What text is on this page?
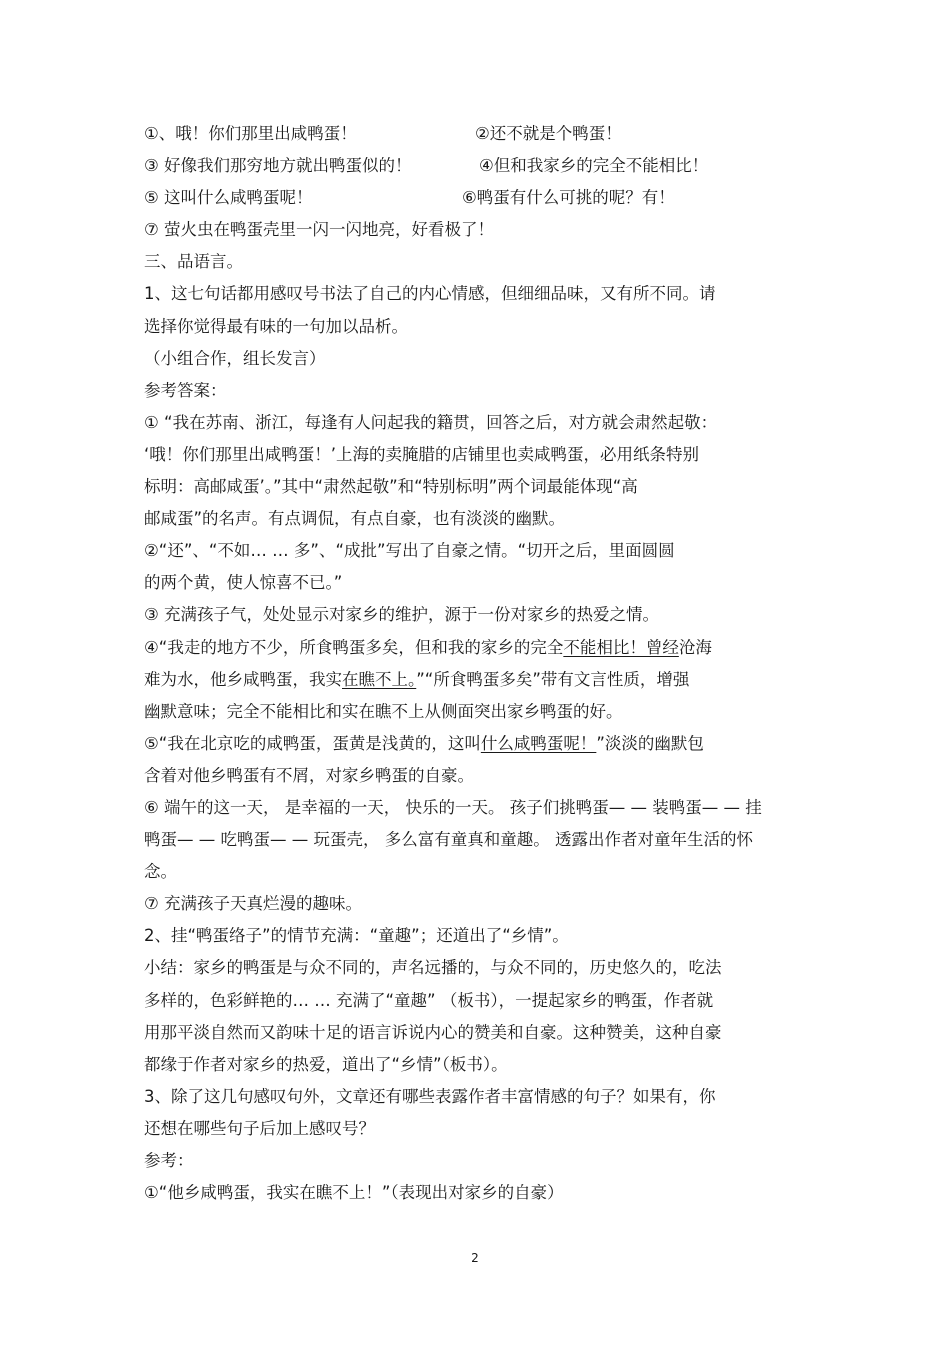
①、哦！你们那里出咸鸭蛋！	②还不就是个鸭蛋！
③ 好像我们那穷地方就出鸭蛋似的！	④但和我家乡的完全不能相比！
⑤ 这叫什么咸鸭蛋呢！	⑥鸭蛋有什么可挑的呢？有！
⑦ 萤火虫在鸭蛋壳里一闪一闪地亮，好看极了！
三、品语言。
1、这七句话都用感叹号书法了自己的内心情感，但细细品味，又有所不同。请
选择你觉得最有味的一句加以品析。
（小组合作，组长发言）
参考答案：
① “我在苏南、浙江，每逢有人问起我的籍贯，回答之后，对方就会肃然起敬：
‘哦！你们那里出咸鸭蛋！’上海的卖腌腊的店铺里也卖咸鸭蛋，必用纸条特别
标明：高邮咸蛋’。”其中“肃然起敬”和“特别标明”两个词最能体现“高
邮咸蛋”的名声。有点调侃，有点自豪，也有淡淡的幽默。
②“还”、“不如… … 多”、“成批”写出了自豪之情。“切开之后，里面圆圆
的两个黄，使人惊喜不已。”
③ 充满孩子气，处处显示对家乡的维护，源于一份对家乡的热爱之情。
④“我走的地方不少，所食鸭蛋多矣，但和我的家乡的完全不能相比！曾经沧海
难为水，他乡咸鸭蛋，我实在瞧不上。”“所食鸭蛋多矣”带有文言性质，增强
幽默意味；完全不能相比和实在瞧不上从侧面突出家乡鸭蛋的好。
⑤“我在北京吃的咸鸭蛋，蛋黄是浅黄的，这叫什么咸鸭蛋呢！”淡淡的幽默包
含着对他乡鸭蛋有不屑，对家乡鸭蛋的自豪。
⑥ 端午的这一天， 是幸福的一天， 快乐的一天。 孩子们挑鸭蛋— — 装鸭蛋— — 挂
鸭蛋— — 吃鸭蛋— — 玩蛋壳， 多么富有童真和童趣。 透露出作者对童年生活的怀
念。
⑦ 充满孩子天真烂漫的趣味。
2、挂“鸭蛋络子”的情节充满：“童趣”；还道出了“乡情”。
小结：家乡的鸭蛋是与众不同的，声名远播的，与众不同的，历史悠久的，吃法
多样的，色彩鲜艳的… … 充满了“童趣” （板书），一提起家乡的鸭蛋，作者就
用那平淡自然而又韵味十足的语言诉说内心的赞美和自豪。这种赞美，这种自豪
都缘于作者对家乡的热爱，道出了“乡情”（板书）。
3、除了这几句感叹句外，文章还有哪些表露作者丰富情感的句子？如果有，你
还想在哪些句子后加上感叹号？
参考：
①“他乡咸鸭蛋，我实在瞧不上！”（表现出对家乡的自豪）
2
